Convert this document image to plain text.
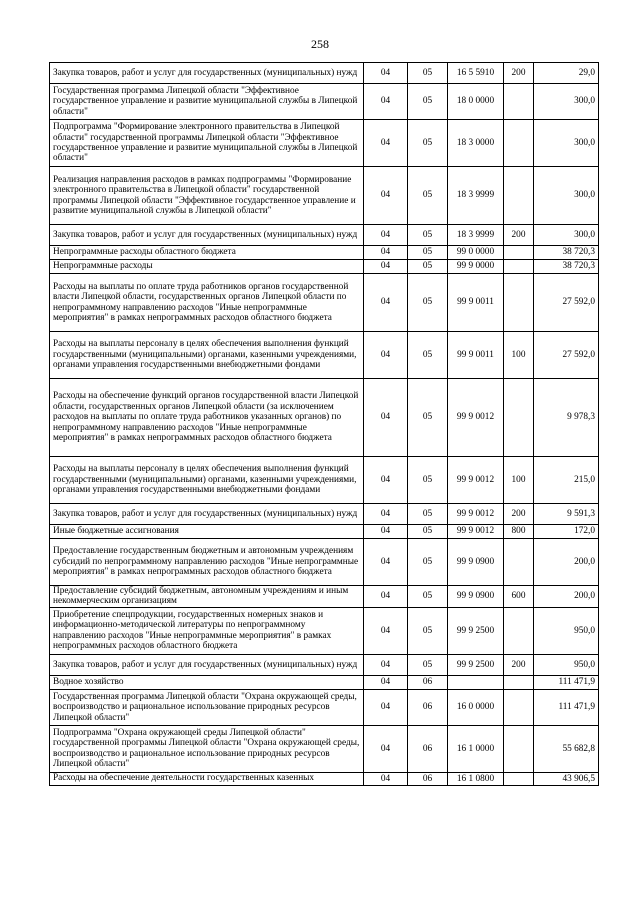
258
Закупка товаров, работ и услуг для государственных (муниципальных) нужд	04	05	16 5 5910	200	29,0
Государственная программа Липецкой области "Эффективное государственное управление и развитие муниципальной службы в Липецкой области"	04	05	18 0 0000		300,0
Подпрограмма "Формирование электронного правительства в Липецкой области" государственной программы Липецкой области "Эффективное государственное управление и развитие муниципальной службы в Липецкой области"	04	05	18 3 0000		300,0
Реализация направления расходов в рамках подпрограммы "Формирование электронного правительства в Липецкой области" государственной программы Липецкой области "Эффективное государственное управление и развитие муниципальной службы в Липецкой области"	04	05	18 3 9999		300,0
Закупка товаров, работ и услуг для государственных (муниципальных) нужд	04	05	18 3 9999	200	300,0
Непрограммные расходы областного бюджета	04	05	99 0 0000		38 720,3
Непрограммные расходы	04	05	99 9 0000		38 720,3
Расходы на выплаты по оплате труда работников органов государственной власти Липецкой области, государственных органов Липецкой области по непрограммному направлению расходов "Иные непрограммные мероприятия" в рамках непрограммных расходов областного бюджета	04	05	99 9 0011		27 592,0
Расходы на выплаты персоналу в целях обеспечения выполнения функций государственными (муниципальными) органами, казенными учреждениями, органами управления государственными внебюджетными фондами	04	05	99 9 0011	100	27 592,0
Расходы на обеспечение функций органов государственной власти Липецкой области, государственных органов Липецкой области (за исключением расходов на выплаты по оплате труда работников указанных органов) по непрограммному направлению расходов "Иные непрограммные мероприятия" в рамках непрограммных расходов областного бюджета	04	05	99 9 0012		9 978,3
Расходы на выплаты персоналу в целях обеспечения выполнения функций государственными (муниципальными) органами, казенными учреждениями, органами управления государственными внебюджетными фондами	04	05	99 9 0012	100	215,0
Закупка товаров, работ и услуг для государственных (муниципальных) нужд	04	05	99 9 0012	200	9 591,3
Иные бюджетные ассигнования	04	05	99 9 0012	800	172,0
Предоставление государственным бюджетным и автономным учреждениям субсидий по непрограммному направлению расходов "Иные непрограммные мероприятия" в рамках непрограммных расходов областного бюджета	04	05	99 9 0900		200,0
Предоставление субсидий бюджетным, автономным учреждениям и иным некоммерческим организациям	04	05	99 9 0900	600	200,0
Приобретение спецпродукции, государственных номерных знаков и информационно-методической литературы по непрограммному направлению расходов "Иные непрограммные мероприятия" в рамках непрограммных расходов областного бюджета	04	05	99 9 2500		950,0
Закупка товаров, работ и услуг для государственных (муниципальных) нужд	04	05	99 9 2500	200	950,0
Водное хозяйство	04	06			111 471,9
Государственная программа Липецкой области "Охрана окружающей среды, воспроизводство и рациональное использование природных ресурсов Липецкой области"	04	06	16 0 0000		111 471,9
Подпрограмма "Охрана окружающей среды Липецкой области" государственной программы Липецкой области "Охрана окружающей среды, воспроизводство и рациональное использование природных ресурсов Липецкой области"	04	06	16 1 0000		55 682,8
Расходы на обеспечение деятельности государственных казенных	04	06	16 1 0800		43 906,5
